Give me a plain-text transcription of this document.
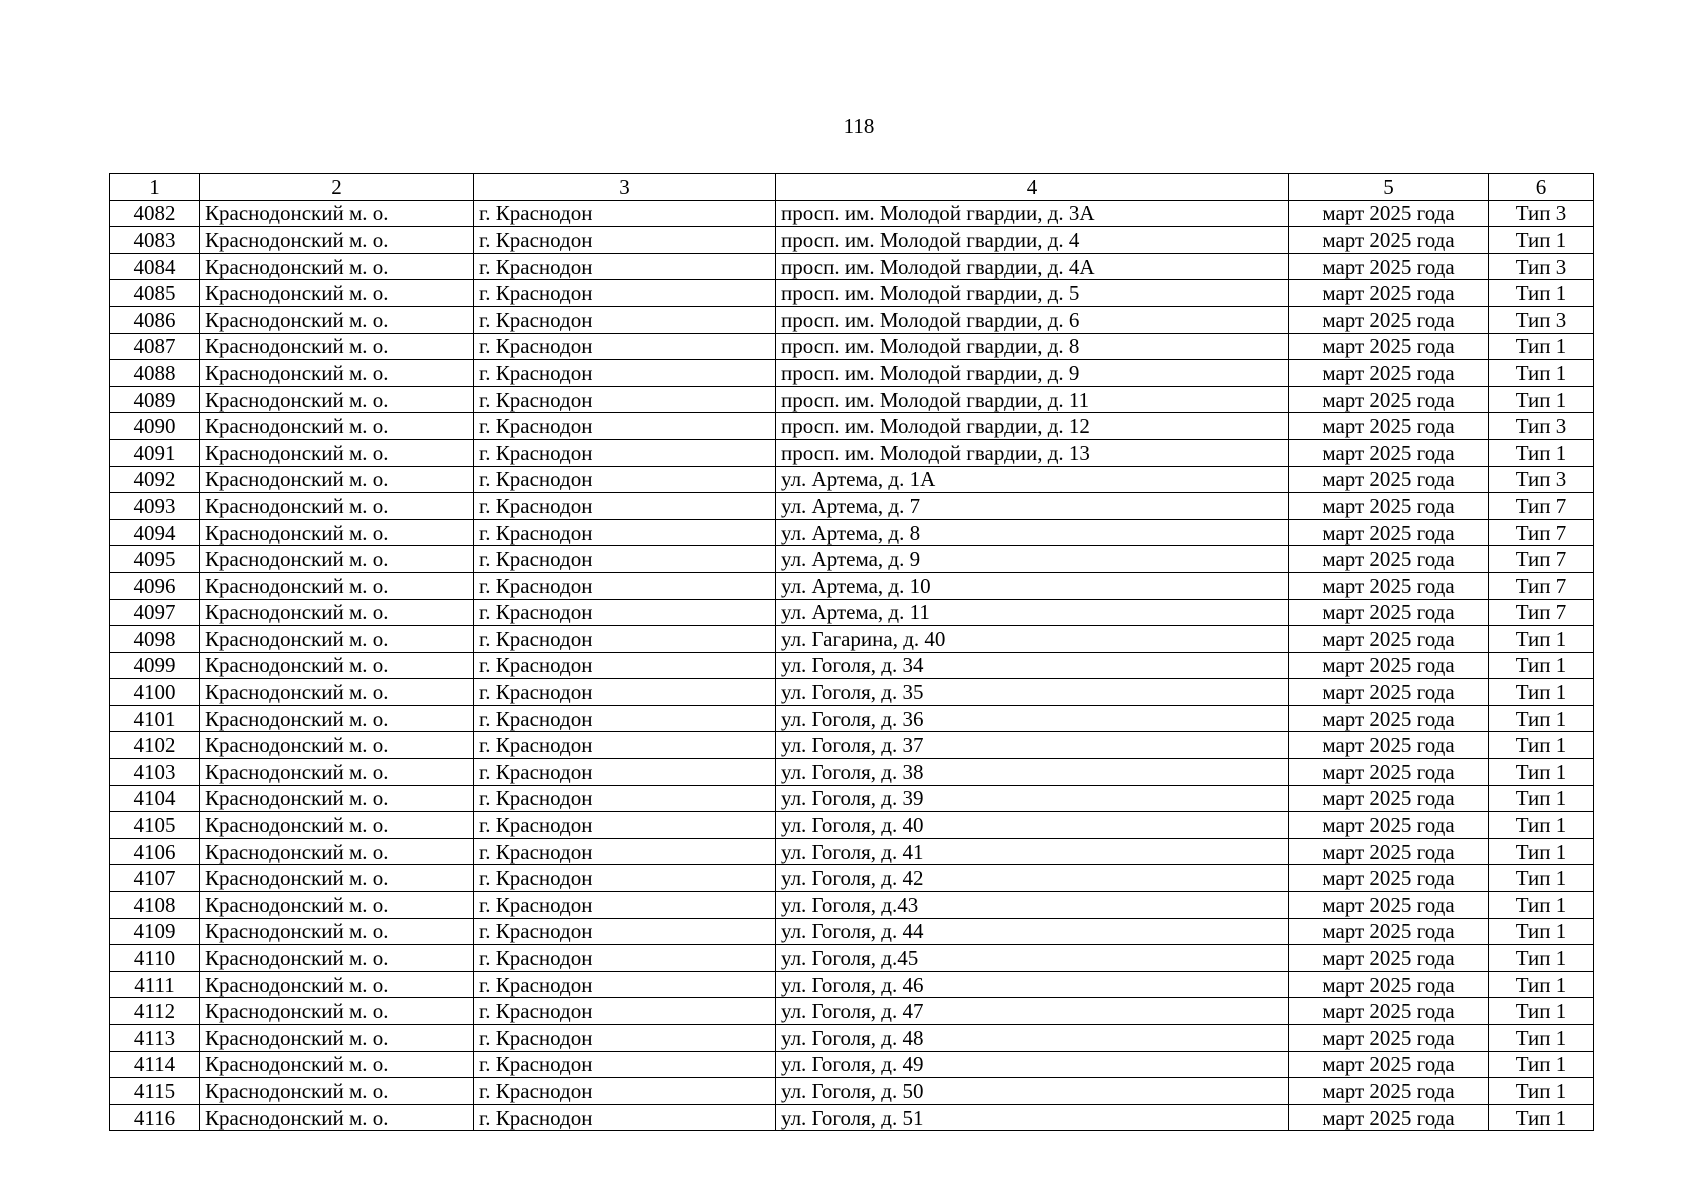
118
1	2	3	4	5	6
4082	Краснодонский м. о.	г. Краснодон	просп. им. Молодой гвардии, д. 3А	март 2025 года	Тип 3
4083	Краснодонский м. о.	г. Краснодон	просп. им. Молодой гвардии, д. 4	март 2025 года	Тип 1
4084	Краснодонский м. о.	г. Краснодон	просп. им. Молодой гвардии, д. 4А	март 2025 года	Тип 3
4085	Краснодонский м. о.	г. Краснодон	просп. им. Молодой гвардии, д. 5	март 2025 года	Тип 1
4086	Краснодонский м. о.	г. Краснодон	просп. им. Молодой гвардии, д. 6	март 2025 года	Тип 3
4087	Краснодонский м. о.	г. Краснодон	просп. им. Молодой гвардии, д. 8	март 2025 года	Тип 1
4088	Краснодонский м. о.	г. Краснодон	просп. им. Молодой гвардии, д. 9	март 2025 года	Тип 1
4089	Краснодонский м. о.	г. Краснодон	просп. им. Молодой гвардии, д. 11	март 2025 года	Тип 1
4090	Краснодонский м. о.	г. Краснодон	просп. им. Молодой гвардии, д. 12	март 2025 года	Тип 3
4091	Краснодонский м. о.	г. Краснодон	просп. им. Молодой гвардии, д. 13	март 2025 года	Тип 1
4092	Краснодонский м. о.	г. Краснодон	ул. Артема, д. 1А	март 2025 года	Тип 3
4093	Краснодонский м. о.	г. Краснодон	ул. Артема, д. 7	март 2025 года	Тип 7
4094	Краснодонский м. о.	г. Краснодон	ул. Артема, д. 8	март 2025 года	Тип 7
4095	Краснодонский м. о.	г. Краснодон	ул. Артема, д. 9	март 2025 года	Тип 7
4096	Краснодонский м. о.	г. Краснодон	ул. Артема, д. 10	март 2025 года	Тип 7
4097	Краснодонский м. о.	г. Краснодон	ул. Артема, д. 11	март 2025 года	Тип 7
4098	Краснодонский м. о.	г. Краснодон	ул. Гагарина, д. 40	март 2025 года	Тип 1
4099	Краснодонский м. о.	г. Краснодон	ул. Гоголя, д. 34	март 2025 года	Тип 1
4100	Краснодонский м. о.	г. Краснодон	ул. Гоголя, д. 35	март 2025 года	Тип 1
4101	Краснодонский м. о.	г. Краснодон	ул. Гоголя, д. 36	март 2025 года	Тип 1
4102	Краснодонский м. о.	г. Краснодон	ул. Гоголя, д. 37	март 2025 года	Тип 1
4103	Краснодонский м. о.	г. Краснодон	ул. Гоголя, д. 38	март 2025 года	Тип 1
4104	Краснодонский м. о.	г. Краснодон	ул. Гоголя, д. 39	март 2025 года	Тип 1
4105	Краснодонский м. о.	г. Краснодон	ул. Гоголя, д. 40	март 2025 года	Тип 1
4106	Краснодонский м. о.	г. Краснодон	ул. Гоголя, д. 41	март 2025 года	Тип 1
4107	Краснодонский м. о.	г. Краснодон	ул. Гоголя, д. 42	март 2025 года	Тип 1
4108	Краснодонский м. о.	г. Краснодон	ул. Гоголя, д.43	март 2025 года	Тип 1
4109	Краснодонский м. о.	г. Краснодон	ул. Гоголя, д. 44	март 2025 года	Тип 1
4110	Краснодонский м. о.	г. Краснодон	ул. Гоголя, д.45	март 2025 года	Тип 1
4111	Краснодонский м. о.	г. Краснодон	ул. Гоголя, д. 46	март 2025 года	Тип 1
4112	Краснодонский м. о.	г. Краснодон	ул. Гоголя, д. 47	март 2025 года	Тип 1
4113	Краснодонский м. о.	г. Краснодон	ул. Гоголя, д. 48	март 2025 года	Тип 1
4114	Краснодонский м. о.	г. Краснодон	ул. Гоголя, д. 49	март 2025 года	Тип 1
4115	Краснодонский м. о.	г. Краснодон	ул. Гоголя, д. 50	март 2025 года	Тип 1
4116	Краснодонский м. о.	г. Краснодон	ул. Гоголя, д. 51	март 2025 года	Тип 1
